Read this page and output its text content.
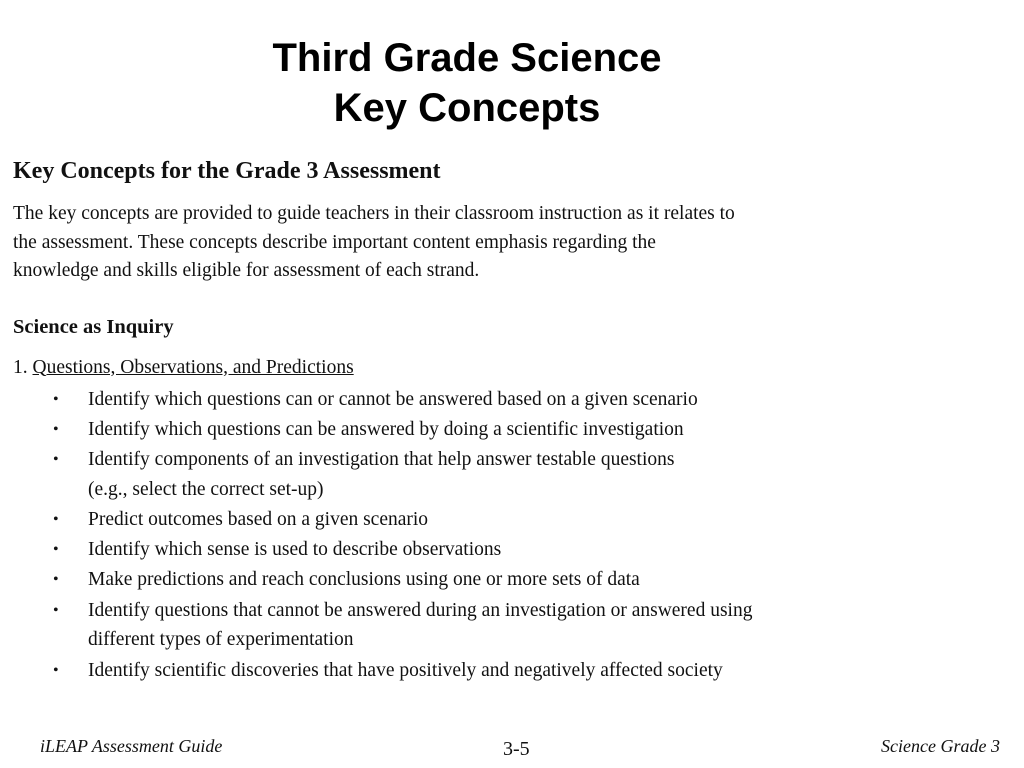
Third Grade Science
Key Concepts
Key Concepts for the Grade 3 Assessment
The key concepts are provided to guide teachers in their classroom instruction as it relates to
the assessment. These concepts describe important content emphasis regarding the
knowledge and skills eligible for assessment of each strand.
Science as Inquiry
1. Questions, Observations, and Predictions
• Identify which questions can or cannot be answered based on a given scenario
• Identify which questions can be answered by doing a scientific investigation
• Identify components of an investigation that help answer testable questions
(e.g., select the correct set-up)
• Predict outcomes based on a given scenario
• Identify which sense is used to describe observations
• Make predictions and reach conclusions using one or more sets of data
• Identify questions that cannot be answered during an investigation or answered using
different types of experimentation
• Identify scientific discoveries that have positively and negatively affected society
iLEAP Assessment Guide	3-5	Science Grade 3
